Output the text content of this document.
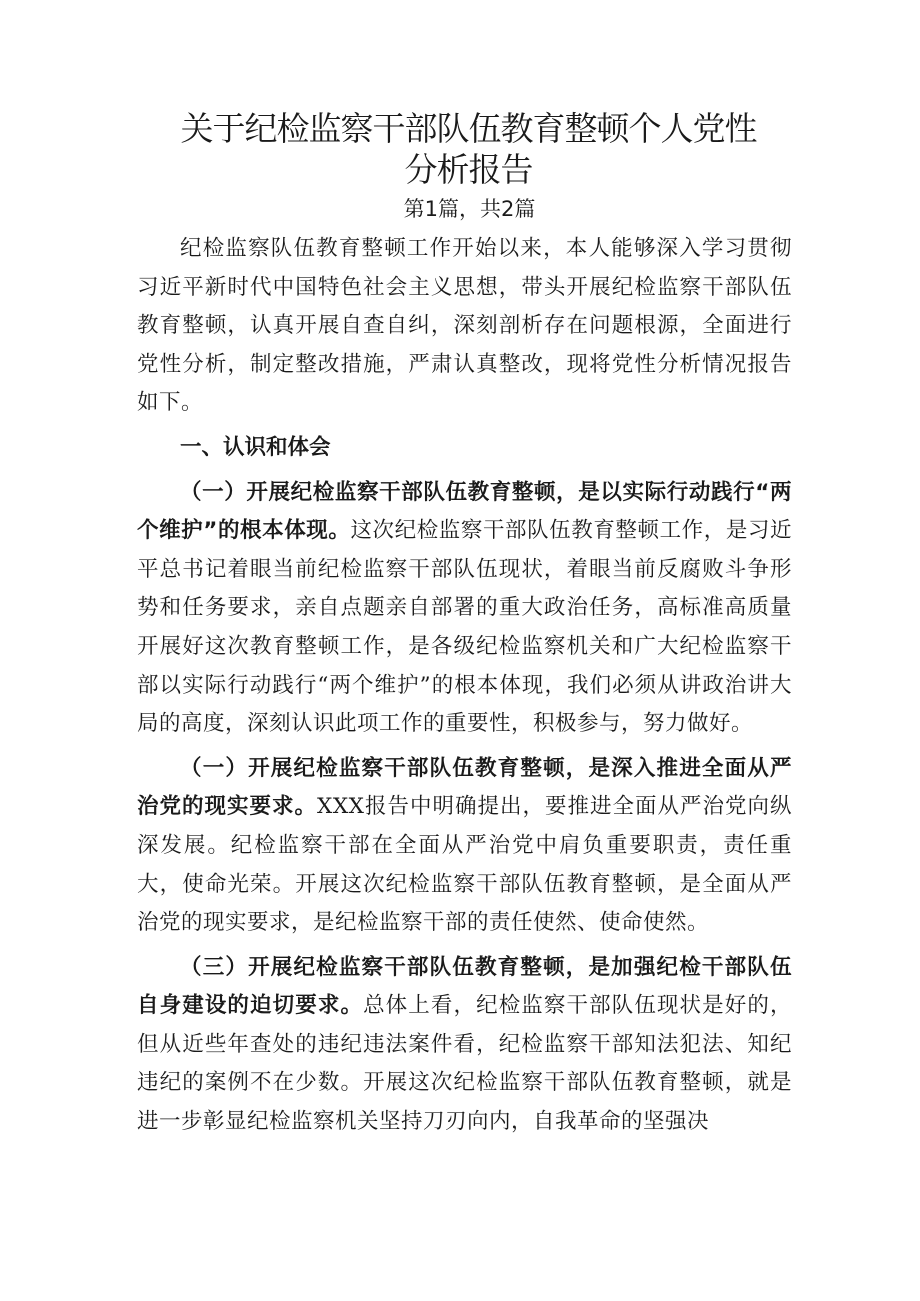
关于纪检监察干部队伍教育整顿个人党性
分析报告
第1篇，共2篇

纪检监察队伍教育整顿工作开始以来，本人能够深入学习贯彻习近平新时代中国特色社会主义思想，带头开展纪检监察干部队伍教育整顿，认真开展自查自纠，深刻剖析存在问题根源，全面进行党性分析，制定整改措施，严肃认真整改，现将党性分析情况报告如下。

一、认识和体会

（一）开展纪检监察干部队伍教育整顿，是以实际行动践行“两个维护”的根本体现。这次纪检监察干部队伍教育整顿工作，是习近平总书记着眼当前纪检监察干部队伍现状，着眼当前反腐败斗争形势和任务要求，亲自点题亲自部署的重大政治任务，高标准高质量开展好这次教育整顿工作，是各级纪检监察机关和广大纪检监察干部以实际行动践行“两个维护”的根本体现，我们必须从讲政治讲大局的高度，深刻认识此项工作的重要性，积极参与，努力做好。

（一）开展纪检监察干部队伍教育整顿，是深入推进全面从严治党的现实要求。XXX报告中明确提出，要推进全面从严治党向纵深发展。纪检监察干部在全面从严治党中肩负重要职责，责任重大，使命光荣。开展这次纪检监察干部队伍教育整顿，是全面从严治党的现实要求，是纪检监察干部的责任使然、使命使然。

（三）开展纪检监察干部队伍教育整顿，是加强纪检干部队伍自身建设的迫切要求。总体上看，纪检监察干部队伍现状是好的，但从近些年查处的违纪违法案件看，纪检监察干部知法犯法、知纪违纪的案例不在少数。开展这次纪检监察干部队伍教育整顿，就是进一步彰显纪检监察机关坚持刀刃向内，自我革命的坚强决
